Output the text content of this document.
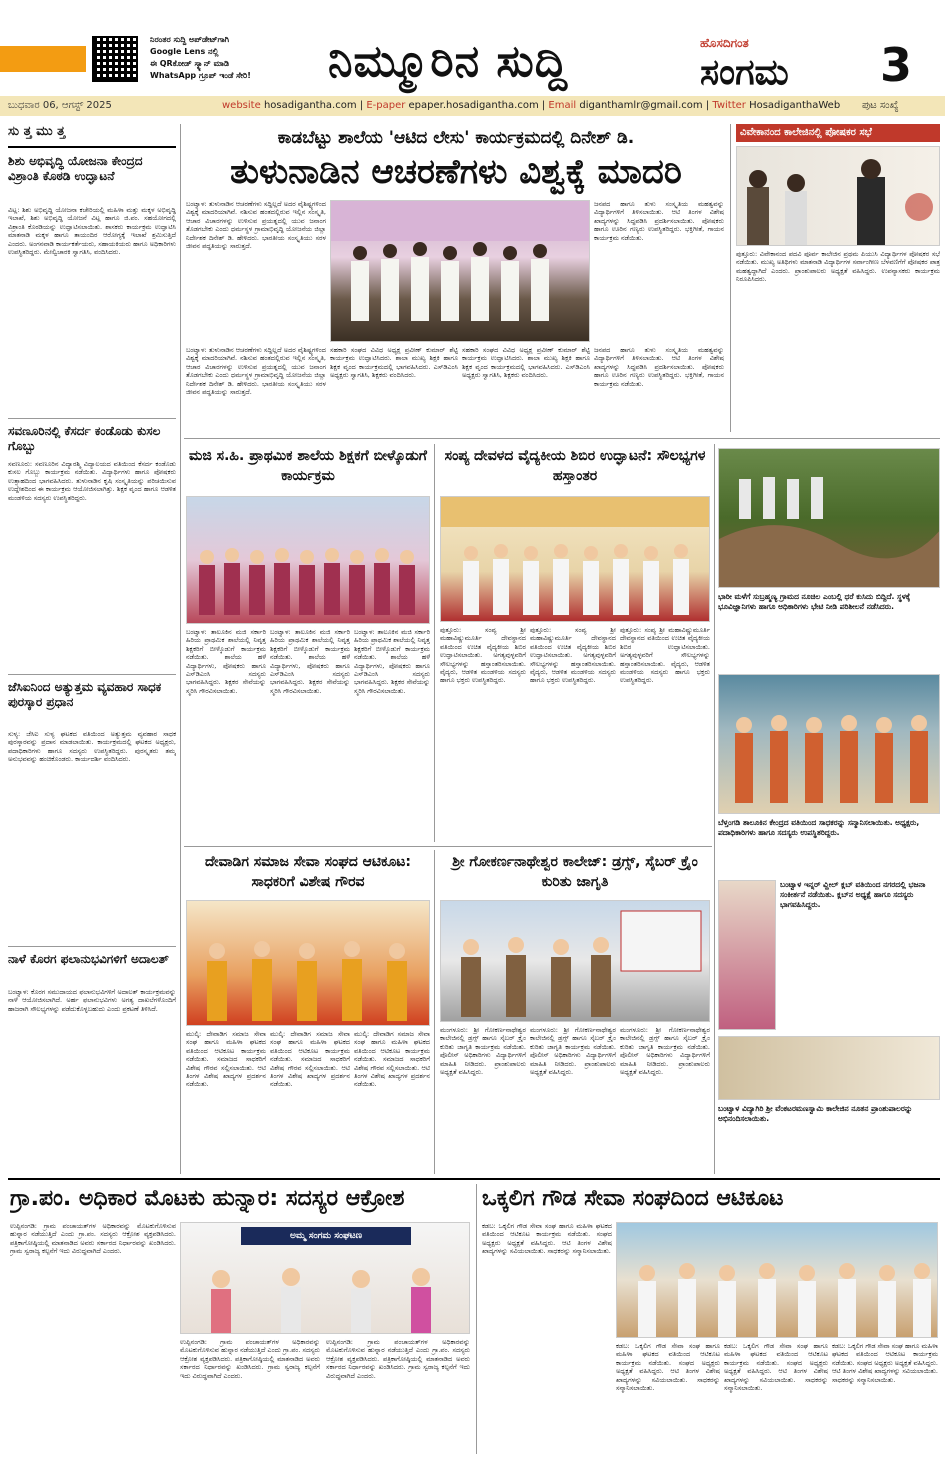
ನಿರಂತರ ಸುದ್ದಿ ಅಪ್‌ಡೇಟ್‌ಗಾಗಿ
Google Lens ನಲ್ಲಿ
ಈ QRಕೋಡ್ ಸ್ಕ್ಯಾನ್ ಮಾಡಿ
WhatsApp ಗ್ರೂಪ್ ಇಂಡೆ ಸೇರಿ!	ನಿಮ್ಮೂರಿನ ಸುದ್ದಿ	ಹೊಸದಿಗಂತ
ಸಂಗಮ 3
ಬುಧವಾರ 06, ಆಗಸ್ಟ್ 2025	website hosadigantha.com | E-paper epaper.hosadigantha.com | Email diganthamlr@gmail.com | Twitter HosadiganthaWeb ಪುಟ ಸಂಖ್ಯೆ
ಸು ತ್ತ ಮು ತ್ತ
ಶಿಶು ಅಭಿವೃದ್ಧಿ ಯೋಜನಾ ಕೇಂದ್ರದ ವಿಶ್ರಾಂತಿ ಕೊಠಡಿ ಉದ್ಘಾಟನೆ
ವಿಟ್ಲ: ಶಿಶು ಅಭಿವೃದ್ಧಿ ಯೋಜನಾ ಕಚೇರಿಯಲ್ಲಿ ಮಹಿಳಾ ಮತ್ತು ಮಕ್ಕಳ ಅಭಿವೃದ್ಧಿ ಇಲಾಖೆ, ಶಿಶು ಅಭಿವೃದ್ಧಿ ಯೋಜನೆ ವಿಟ್ಲ ಹಾಗೂ ಜಿ.ಪಂ. ಸಹಯೋಗದಲ್ಲಿ ವಿಶ್ರಾಂತಿ ಕೊಠಡಿಯನ್ನು ಉದ್ಘಾಟಿಸಲಾಯಿತು. ಶಾಸಕರು ಕಾರ್ಯಕ್ರಮ ಉದ್ಘಾಟಿಸಿ ಮಾತನಾಡಿ ಮಕ್ಕಳ ಹಾಗೂ ತಾಯಂದಿರ ಆರೋಗ್ಯಕ್ಕೆ ಇಲಾಖೆ ಶ್ರಮಿಸುತ್ತಿದೆ ಎಂದರು. ಅಂಗನವಾಡಿ ಕಾರ್ಯಕರ್ತೆಯರು, ಸಹಾಯಕಿಯರು ಹಾಗೂ ಅಧಿಕಾರಿಗಳು ಉಪಸ್ಥಿತರಿದ್ದರು. ಮೇಲ್ವಿಚಾರಕಿ ಸ್ವಾಗತಿಸಿ, ವಂದಿಸಿದರು.
ಸವಣೂರಿನಲ್ಲಿ ಕೆಸರ್ದ ಕಂಡೊಡು ಕುಸಲ ಗೊಬ್ಬು
ಸವಣೂರು: ಸವಣೂರಿನ ವಿದ್ಯಾರಶ್ಮಿ ವಿದ್ಯಾಲಯದ ವತಿಯಿಂದ ಕೆಸರ್ದ ಕಂಡೊಡು ಕುಸಲ ಗೊಬ್ಬು ಕಾರ್ಯಕ್ರಮ ನಡೆಯಿತು. ವಿದ್ಯಾರ್ಥಿಗಳು ಹಾಗೂ ಪೋಷಕರು ಉತ್ಸಾಹದಿಂದ ಭಾಗವಹಿಸಿದರು. ತುಳುನಾಡಿನ ಕೃಷಿ ಸಂಸ್ಕೃತಿಯನ್ನು ಪರಿಚಯಿಸುವ ಉದ್ದೇಶದಿಂದ ಈ ಕಾರ್ಯಕ್ರಮ ಆಯೋಜಿಸಲಾಗಿತ್ತು. ಶಿಕ್ಷಕ ವೃಂದ ಹಾಗೂ ಆಡಳಿತ ಮಂಡಳಿಯ ಸದಸ್ಯರು ಉಪಸ್ಥಿತರಿದ್ದರು.
ಜೆಸಿಐನಿಂದ ಅತ್ಯುತ್ತಮ ವ್ಯವಹಾರ ಸಾಧಕ ಪುರಸ್ಕಾರ ಪ್ರಧಾನ
ಸುಳ್ಯ: ಜೆಸಿಐ ಸುಳ್ಯ ಘಟಕದ ವತಿಯಿಂದ ಅತ್ಯುತ್ತಮ ವ್ಯವಹಾರ ಸಾಧಕ ಪುರಸ್ಕಾರವನ್ನು ಪ್ರದಾನ ಮಾಡಲಾಯಿತು. ಕಾರ್ಯಕ್ರಮದಲ್ಲಿ ಘಟಕದ ಅಧ್ಯಕ್ಷರು, ಪದಾಧಿಕಾರಿಗಳು ಹಾಗೂ ಸದಸ್ಯರು ಉಪಸ್ಥಿತರಿದ್ದರು. ಪುರಸ್ಕೃತರು ತಮ್ಮ ಅನುಭವವನ್ನು ಹಂಚಿಕೊಂಡರು. ಕಾರ್ಯದರ್ಶಿ ವಂದಿಸಿದರು.
ನಾಳೆ ಕೊರಗ ಫಲಾನುಭವಿಗಳಿಗೆ ಅದಾಲತ್
ಬಂಟ್ವಾಳ: ಕೊರಗ ಸಮುದಾಯದ ಫಲಾನುಭವಿಗಳಿಗೆ ಅದಾಲತ್ ಕಾರ್ಯಕ್ರಮವನ್ನು ನಾಳೆ ಆಯೋಜಿಸಲಾಗಿದೆ. ಅರ್ಹ ಫಲಾನುಭವಿಗಳು ಅಗತ್ಯ ದಾಖಲೆಗಳೊಂದಿಗೆ ಹಾಜರಾಗಿ ಸೌಲಭ್ಯಗಳನ್ನು ಪಡೆದುಕೊಳ್ಳಬಹುದು ಎಂದು ಪ್ರಕಟಣೆ ತಿಳಿಸಿದೆ.
ಕಾಡಬೆಟ್ಟು ಶಾಲೆಯ 'ಆಟಿದ ಲೇಸು' ಕಾರ್ಯಕ್ರಮದಲ್ಲಿ ದಿನೇಶ್ ಡಿ.
ತುಳುನಾಡಿನ ಆಚರಣೆಗಳು ವಿಶ್ವಕ್ಕೆ ಮಾದರಿ
ಬಂಟ್ವಾಳ: ತುಳುನಾಡಿನ ಆಚರಣೆಗಳು ಸದ್ದಿಲ್ಲದೆ ಅದರ ವೈಶಿಷ್ಟ್ಯಗಳಿಂದ ವಿಶ್ವಕ್ಕೆ ಮಾದರಿಯಾಗಿವೆ. ನಶಿಸುವ ಹಂತದಲ್ಲಿರುವ ಇಲ್ಲಿನ ಸಂಸ್ಕೃತಿ, ಆಚಾರ ವಿಚಾರಗಳನ್ನು ಉಳಿಸುವ ಪ್ರಯತ್ನದಲ್ಲಿ ಯುವ ಜನಾಂಗ ತೊಡಗಬೇಕು ಎಂದು ಧರ್ಮಸ್ಥಳ ಗ್ರಾಮಾಭಿವೃದ್ಧಿ ಯೋಜನೆಯ ಜಿಲ್ಲಾ ನಿರ್ದೇಶಕ ದಿನೇಶ್ ಡಿ. ಹೇಳಿದರು. ಭಾರತೀಯ ಸಂಸ್ಕೃತಿಯು ಸರಳ ಜೀವನ ಪದ್ಧತಿಯನ್ನು ಸಾರುತ್ತದೆ.
ಜನಪದ ಹಾಗೂ ತುಳು ಸಂಸ್ಕೃತಿಯ ಮಹತ್ವವನ್ನು ವಿದ್ಯಾರ್ಥಿಗಳಿಗೆ ತಿಳಿಸಲಾಯಿತು. ಆಟಿ ತಿಂಗಳ ವಿಶೇಷ ಖಾದ್ಯಗಳನ್ನು ಸಿದ್ಧಪಡಿಸಿ ಪ್ರದರ್ಶಿಸಲಾಯಿತು. ಪೋಷಕರು ಹಾಗೂ ಊರಿನ ಗಣ್ಯರು ಉಪಸ್ಥಿತರಿದ್ದರು. ಭಕ್ತಿಗೀತೆ, ಗಾಯನ ಕಾರ್ಯಕ್ರಮ ನಡೆಯಿತು.
ಬಂಟ್ವಾಳ: ತುಳುನಾಡಿನ ಆಚರಣೆಗಳು ಸದ್ದಿಲ್ಲದೆ ಅದರ ವೈಶಿಷ್ಟ್ಯಗಳಿಂದ ವಿಶ್ವಕ್ಕೆ ಮಾದರಿಯಾಗಿವೆ. ನಶಿಸುವ ಹಂತದಲ್ಲಿರುವ ಇಲ್ಲಿನ ಸಂಸ್ಕೃತಿ, ಆಚಾರ ವಿಚಾರಗಳನ್ನು ಉಳಿಸುವ ಪ್ರಯತ್ನದಲ್ಲಿ ಯುವ ಜನಾಂಗ ತೊಡಗಬೇಕು ಎಂದು ಧರ್ಮಸ್ಥಳ ಗ್ರಾಮಾಭಿವೃದ್ಧಿ ಯೋಜನೆಯ ಜಿಲ್ಲಾ ನಿರ್ದೇಶಕ ದಿನೇಶ್ ಡಿ. ಹೇಳಿದರು. ಭಾರತೀಯ ಸಂಸ್ಕೃತಿಯು ಸರಳ ಜೀವನ ಪದ್ಧತಿಯನ್ನು ಸಾರುತ್ತದೆ.
ಸಹಕಾರಿ ಸಂಘದ ವಿವಿಧ ಅಧ್ಯಕ್ಷ ಪ್ರವೀಣ್ ಕುಮಾರ್ ಶೆಟ್ಟಿ ಕಾರ್ಯಕ್ರಮ ಉದ್ಘಾಟಿಸಿದರು. ಶಾಲಾ ಮುಖ್ಯ ಶಿಕ್ಷಕಿ ಹಾಗೂ ಶಿಕ್ಷಕ ವೃಂದ ಕಾರ್ಯಕ್ರಮದಲ್ಲಿ ಭಾಗವಹಿಸಿದರು. ಎಸ್‌ಡಿಎಂಸಿ ಅಧ್ಯಕ್ಷರು ಸ್ವಾಗತಿಸಿ, ಶಿಕ್ಷಕರು ವಂದಿಸಿದರು.
ಸಹಕಾರಿ ಸಂಘದ ವಿವಿಧ ಅಧ್ಯಕ್ಷ ಪ್ರವೀಣ್ ಕುಮಾರ್ ಶೆಟ್ಟಿ ಕಾರ್ಯಕ್ರಮ ಉದ್ಘಾಟಿಸಿದರು. ಶಾಲಾ ಮುಖ್ಯ ಶಿಕ್ಷಕಿ ಹಾಗೂ ಶಿಕ್ಷಕ ವೃಂದ ಕಾರ್ಯಕ್ರಮದಲ್ಲಿ ಭಾಗವಹಿಸಿದರು. ಎಸ್‌ಡಿಎಂಸಿ ಅಧ್ಯಕ್ಷರು ಸ್ವಾಗತಿಸಿ, ಶಿಕ್ಷಕರು ವಂದಿಸಿದರು.
ಜನಪದ ಹಾಗೂ ತುಳು ಸಂಸ್ಕೃತಿಯ ಮಹತ್ವವನ್ನು ವಿದ್ಯಾರ್ಥಿಗಳಿಗೆ ತಿಳಿಸಲಾಯಿತು. ಆಟಿ ತಿಂಗಳ ವಿಶೇಷ ಖಾದ್ಯಗಳನ್ನು ಸಿದ್ಧಪಡಿಸಿ ಪ್ರದರ್ಶಿಸಲಾಯಿತು. ಪೋಷಕರು ಹಾಗೂ ಊರಿನ ಗಣ್ಯರು ಉಪಸ್ಥಿತರಿದ್ದರು. ಭಕ್ತಿಗೀತೆ, ಗಾಯನ ಕಾರ್ಯಕ್ರಮ ನಡೆಯಿತು.
ವಿವೇಕಾನಂದ ಕಾಲೇಜಿನಲ್ಲಿ ಪೋಷಕರ ಸಭೆ
ಪುತ್ತೂರು: ವಿವೇಕಾನಂದ ಪದವಿ ಪೂರ್ವ ಕಾಲೇಜಿನ ಪ್ರಥಮ ಪಿಯುಸಿ ವಿದ್ಯಾರ್ಥಿಗಳ ಪೋಷಕರ ಸಭೆ ನಡೆಯಿತು. ಮುಖ್ಯ ಅತಿಥಿಗಳು ಮಾತನಾಡಿ ವಿದ್ಯಾರ್ಥಿಗಳ ಸರ್ವಾಂಗೀಣ ಬೆಳವಣಿಗೆಗೆ ಪೋಷಕರ ಪಾತ್ರ ಮಹತ್ವದ್ದಾಗಿದೆ ಎಂದರು. ಪ್ರಾಂಶುಪಾಲರು ಅಧ್ಯಕ್ಷತೆ ವಹಿಸಿದ್ದರು. ಉಪನ್ಯಾಸಕರು ಕಾರ್ಯಕ್ರಮ ನಿರೂಪಿಸಿದರು.
ಮಜಿ ಸ.ಹಿ. ಪ್ರಾಥಮಿಕ ಶಾಲೆಯ ಶಿಕ್ಷಕಗೆ ಬೀಳ್ಕೊಡುಗೆ ಕಾರ್ಯಕ್ರಮ
ಬಂಟ್ವಾಳ: ತಾಲೂಕಿನ ಮಜಿ ಸರ್ಕಾರಿ ಹಿರಿಯ ಪ್ರಾಥಮಿಕ ಶಾಲೆಯಲ್ಲಿ ನಿವೃತ್ತ ಶಿಕ್ಷಕರಿಗೆ ಬೀಳ್ಕೊಡುಗೆ ಕಾರ್ಯಕ್ರಮ ನಡೆಯಿತು. ಶಾಲೆಯ ಹಳೆ ವಿದ್ಯಾರ್ಥಿಗಳು, ಪೋಷಕರು ಹಾಗೂ ಎಸ್‌ಡಿಎಂಸಿ ಸದಸ್ಯರು ಭಾಗವಹಿಸಿದ್ದರು. ಶಿಕ್ಷಕರ ಸೇವೆಯನ್ನು ಸ್ಮರಿಸಿ ಗೌರವಿಸಲಾಯಿತು.
ಬಂಟ್ವಾಳ: ತಾಲೂಕಿನ ಮಜಿ ಸರ್ಕಾರಿ ಹಿರಿಯ ಪ್ರಾಥಮಿಕ ಶಾಲೆಯಲ್ಲಿ ನಿವೃತ್ತ ಶಿಕ್ಷಕರಿಗೆ ಬೀಳ್ಕೊಡುಗೆ ಕಾರ್ಯಕ್ರಮ ನಡೆಯಿತು. ಶಾಲೆಯ ಹಳೆ ವಿದ್ಯಾರ್ಥಿಗಳು, ಪೋಷಕರು ಹಾಗೂ ಎಸ್‌ಡಿಎಂಸಿ ಸದಸ್ಯರು ಭಾಗವಹಿಸಿದ್ದರು. ಶಿಕ್ಷಕರ ಸೇವೆಯನ್ನು ಸ್ಮರಿಸಿ ಗೌರವಿಸಲಾಯಿತು.
ಬಂಟ್ವಾಳ: ತಾಲೂಕಿನ ಮಜಿ ಸರ್ಕಾರಿ ಹಿರಿಯ ಪ್ರಾಥಮಿಕ ಶಾಲೆಯಲ್ಲಿ ನಿವೃತ್ತ ಶಿಕ್ಷಕರಿಗೆ ಬೀಳ್ಕೊಡುಗೆ ಕಾರ್ಯಕ್ರಮ ನಡೆಯಿತು. ಶಾಲೆಯ ಹಳೆ ವಿದ್ಯಾರ್ಥಿಗಳು, ಪೋಷಕರು ಹಾಗೂ ಎಸ್‌ಡಿಎಂಸಿ ಸದಸ್ಯರು ಭಾಗವಹಿಸಿದ್ದರು. ಶಿಕ್ಷಕರ ಸೇವೆಯನ್ನು ಸ್ಮರಿಸಿ ಗೌರವಿಸಲಾಯಿತು.
ಸಂಪ್ಯ ದೇವಳದ ವೈದ್ಯಕೀಯ ಶಿಬಿರ ಉದ್ಘಾಟನೆ: ಸೌಲಭ್ಯಗಳ ಹಸ್ತಾಂತರ
ಪುತ್ತೂರು: ಸಂಪ್ಯ ಶ್ರೀ ಮಹಾವಿಷ್ಣುಮೂರ್ತಿ ದೇವಸ್ಥಾನದ ವತಿಯಿಂದ ಉಚಿತ ವೈದ್ಯಕೀಯ ಶಿಬಿರ ಉದ್ಘಾಟಿಸಲಾಯಿತು. ಅಗತ್ಯವುಳ್ಳವರಿಗೆ ಸೌಲಭ್ಯಗಳನ್ನು ಹಸ್ತಾಂತರಿಸಲಾಯಿತು. ವೈದ್ಯರು, ಆಡಳಿತ ಮಂಡಳಿಯ ಸದಸ್ಯರು ಹಾಗೂ ಭಕ್ತರು ಉಪಸ್ಥಿತರಿದ್ದರು.
ಪುತ್ತೂರು: ಸಂಪ್ಯ ಶ್ರೀ ಮಹಾವಿಷ್ಣುಮೂರ್ತಿ ದೇವಸ್ಥಾನದ ವತಿಯಿಂದ ಉಚಿತ ವೈದ್ಯಕೀಯ ಶಿಬಿರ ಉದ್ಘಾಟಿಸಲಾಯಿತು. ಅಗತ್ಯವುಳ್ಳವರಿಗೆ ಸೌಲಭ್ಯಗಳನ್ನು ಹಸ್ತಾಂತರಿಸಲಾಯಿತು. ವೈದ್ಯರು, ಆಡಳಿತ ಮಂಡಳಿಯ ಸದಸ್ಯರು ಹಾಗೂ ಭಕ್ತರು ಉಪಸ್ಥಿತರಿದ್ದರು.
ಪುತ್ತೂರು: ಸಂಪ್ಯ ಶ್ರೀ ಮಹಾವಿಷ್ಣುಮೂರ್ತಿ ದೇವಸ್ಥಾನದ ವತಿಯಿಂದ ಉಚಿತ ವೈದ್ಯಕೀಯ ಶಿಬಿರ ಉದ್ಘಾಟಿಸಲಾಯಿತು. ಅಗತ್ಯವುಳ್ಳವರಿಗೆ ಸೌಲಭ್ಯಗಳನ್ನು ಹಸ್ತಾಂತರಿಸಲಾಯಿತು. ವೈದ್ಯರು, ಆಡಳಿತ ಮಂಡಳಿಯ ಸದಸ್ಯರು ಹಾಗೂ ಭಕ್ತರು ಉಪಸ್ಥಿತರಿದ್ದರು.
ಭಾರೀ ಮಳೆಗೆ ಸುಬ್ರಹ್ಮಣ್ಯ ಗ್ರಾಮದ ನೂಚಿಲ ಎಂಬಲ್ಲಿ ಧರೆ ಕುಸಿದು ಬಿದ್ದಿದೆ. ಸ್ಥಳಕ್ಕೆ ಭೂವಿಜ್ಞಾನಿಗಳು ಹಾಗೂ ಅಧಿಕಾರಿಗಳು ಭೇಟಿ ನೀಡಿ ಪರಿಶೀಲನೆ ನಡೆಸಿದರು.
ಬೆಳ್ತಂಗಡಿ ತಾಲೂಕಿನ ಕೇಂದ್ರದ ವತಿಯಿಂದ ಸಾಧಕರನ್ನು ಸನ್ಮಾನಿಸಲಾಯಿತು. ಅಧ್ಯಕ್ಷರು, ಪದಾಧಿಕಾರಿಗಳು ಹಾಗೂ ಸದಸ್ಯರು ಉಪಸ್ಥಿತರಿದ್ದರು.
ದೇವಾಡಿಗ ಸಮಾಜ ಸೇವಾ ಸಂಘದ ಆಟಿಕೂಟ: ಸಾಧಕರಿಗೆ ವಿಶೇಷ ಗೌರವ
ಮುಲ್ಕಿ: ದೇವಾಡಿಗ ಸಮಾಜ ಸೇವಾ ಸಂಘ ಹಾಗೂ ಮಹಿಳಾ ಘಟಕದ ವತಿಯಿಂದ ಆಟಿಕೂಟ ಕಾರ್ಯಕ್ರಮ ನಡೆಯಿತು. ಸಮಾಜದ ಸಾಧಕರಿಗೆ ವಿಶೇಷ ಗೌರವ ಸಲ್ಲಿಸಲಾಯಿತು. ಆಟಿ ತಿಂಗಳ ವಿಶೇಷ ಖಾದ್ಯಗಳ ಪ್ರದರ್ಶನ ನಡೆಯಿತು.
ಮುಲ್ಕಿ: ದೇವಾಡಿಗ ಸಮಾಜ ಸೇವಾ ಸಂಘ ಹಾಗೂ ಮಹಿಳಾ ಘಟಕದ ವತಿಯಿಂದ ಆಟಿಕೂಟ ಕಾರ್ಯಕ್ರಮ ನಡೆಯಿತು. ಸಮಾಜದ ಸಾಧಕರಿಗೆ ವಿಶೇಷ ಗೌರವ ಸಲ್ಲಿಸಲಾಯಿತು. ಆಟಿ ತಿಂಗಳ ವಿಶೇಷ ಖಾದ್ಯಗಳ ಪ್ರದರ್ಶನ ನಡೆಯಿತು.
ಮುಲ್ಕಿ: ದೇವಾಡಿಗ ಸಮಾಜ ಸೇವಾ ಸಂಘ ಹಾಗೂ ಮಹಿಳಾ ಘಟಕದ ವತಿಯಿಂದ ಆಟಿಕೂಟ ಕಾರ್ಯಕ್ರಮ ನಡೆಯಿತು. ಸಮಾಜದ ಸಾಧಕರಿಗೆ ವಿಶೇಷ ಗೌರವ ಸಲ್ಲಿಸಲಾಯಿತು. ಆಟಿ ತಿಂಗಳ ವಿಶೇಷ ಖಾದ್ಯಗಳ ಪ್ರದರ್ಶನ ನಡೆಯಿತು.
ಶ್ರೀ ಗೋಕರ್ಣನಾಥೇಶ್ವರ ಕಾಲೇಜ್: ಡ್ರಗ್ಸ್, ಸೈಬರ್ ಕ್ರೈಂ ಕುರಿತು ಜಾಗೃತಿ
ಮಂಗಳೂರು: ಶ್ರೀ ಗೋಕರ್ಣನಾಥೇಶ್ವರ ಕಾಲೇಜಿನಲ್ಲಿ ಡ್ರಗ್ಸ್ ಹಾಗೂ ಸೈಬರ್ ಕ್ರೈಂ ಕುರಿತು ಜಾಗೃತಿ ಕಾರ್ಯಕ್ರಮ ನಡೆಯಿತು. ಪೊಲೀಸ್ ಅಧಿಕಾರಿಗಳು ವಿದ್ಯಾರ್ಥಿಗಳಿಗೆ ಮಾಹಿತಿ ನೀಡಿದರು. ಪ್ರಾಂಶುಪಾಲರು ಅಧ್ಯಕ್ಷತೆ ವಹಿಸಿದ್ದರು.
ಮಂಗಳೂರು: ಶ್ರೀ ಗೋಕರ್ಣನಾಥೇಶ್ವರ ಕಾಲೇಜಿನಲ್ಲಿ ಡ್ರಗ್ಸ್ ಹಾಗೂ ಸೈಬರ್ ಕ್ರೈಂ ಕುರಿತು ಜಾಗೃತಿ ಕಾರ್ಯಕ್ರಮ ನಡೆಯಿತು. ಪೊಲೀಸ್ ಅಧಿಕಾರಿಗಳು ವಿದ್ಯಾರ್ಥಿಗಳಿಗೆ ಮಾಹಿತಿ ನೀಡಿದರು. ಪ್ರಾಂಶುಪಾಲರು ಅಧ್ಯಕ್ಷತೆ ವಹಿಸಿದ್ದರು.
ಮಂಗಳೂರು: ಶ್ರೀ ಗೋಕರ್ಣನಾಥೇಶ್ವರ ಕಾಲೇಜಿನಲ್ಲಿ ಡ್ರಗ್ಸ್ ಹಾಗೂ ಸೈಬರ್ ಕ್ರೈಂ ಕುರಿತು ಜಾಗೃತಿ ಕಾರ್ಯಕ್ರಮ ನಡೆಯಿತು. ಪೊಲೀಸ್ ಅಧಿಕಾರಿಗಳು ವಿದ್ಯಾರ್ಥಿಗಳಿಗೆ ಮಾಹಿತಿ ನೀಡಿದರು. ಪ್ರಾಂಶುಪಾಲರು ಅಧ್ಯಕ್ಷತೆ ವಹಿಸಿದ್ದರು.
ಬಂಟ್ವಾಳ ಇನ್ನರ್ ವ್ಹೀಲ್ ಕ್ಲಬ್ ವತಿಯಿಂದ ನಗರದಲ್ಲಿ ಭಜನಾ ಸಂಕೀರ್ತನೆ ನಡೆಯಿತು. ಕ್ಲಬ್‌ನ ಅಧ್ಯಕ್ಷೆ ಹಾಗೂ ಸದಸ್ಯರು ಭಾಗವಹಿಸಿದ್ದರು.
ಬಂಟ್ವಾಳ ವಿದ್ಯಾಗಿರಿ ಶ್ರೀ ವೆಂಕಟರಮಣಸ್ವಾಮಿ ಕಾಲೇಜಿನ ನೂತನ ಪ್ರಾಂಶುಪಾಲರನ್ನು ಅಭಿನಂದಿಸಲಾಯಿತು.
ಗ್ರಾ.ಪಂ. ಅಧಿಕಾರ ಮೊಟಕು ಹುನ್ನಾರ: ಸದಸ್ಯರ ಆಕ್ರೋಶ
ಅಮ್ಮ ಸಂಗಮ ಸಂಘಟಣ
ಉಪ್ಪಿನಂಗಡಿ: ಗ್ರಾಮ ಪಂಚಾಯತ್‌ಗಳ ಅಧಿಕಾರವನ್ನು ಮೊಟಕುಗೊಳಿಸುವ ಹುನ್ನಾರ ನಡೆಯುತ್ತಿದೆ ಎಂದು ಗ್ರಾ.ಪಂ. ಸದಸ್ಯರು ಆಕ್ರೋಶ ವ್ಯಕ್ತಪಡಿಸಿದರು. ಪತ್ರಿಕಾಗೋಷ್ಠಿಯಲ್ಲಿ ಮಾತನಾಡಿದ ಅವರು ಸರ್ಕಾರದ ನಿರ್ಧಾರವನ್ನು ಖಂಡಿಸಿದರು. ಗ್ರಾಮ ಸ್ವರಾಜ್ಯ ಕಲ್ಪನೆಗೆ ಇದು ವಿರುದ್ಧವಾಗಿದೆ ಎಂದರು.
ಉಪ್ಪಿನಂಗಡಿ: ಗ್ರಾಮ ಪಂಚಾಯತ್‌ಗಳ ಅಧಿಕಾರವನ್ನು ಮೊಟಕುಗೊಳಿಸುವ ಹುನ್ನಾರ ನಡೆಯುತ್ತಿದೆ ಎಂದು ಗ್ರಾ.ಪಂ. ಸದಸ್ಯರು ಆಕ್ರೋಶ ವ್ಯಕ್ತಪಡಿಸಿದರು. ಪತ್ರಿಕಾಗೋಷ್ಠಿಯಲ್ಲಿ ಮಾತನಾಡಿದ ಅವರು ಸರ್ಕಾರದ ನಿರ್ಧಾರವನ್ನು ಖಂಡಿಸಿದರು. ಗ್ರಾಮ ಸ್ವರಾಜ್ಯ ಕಲ್ಪನೆಗೆ ಇದು ವಿರುದ್ಧವಾಗಿದೆ ಎಂದರು.
ಉಪ್ಪಿನಂಗಡಿ: ಗ್ರಾಮ ಪಂಚಾಯತ್‌ಗಳ ಅಧಿಕಾರವನ್ನು ಮೊಟಕುಗೊಳಿಸುವ ಹುನ್ನಾರ ನಡೆಯುತ್ತಿದೆ ಎಂದು ಗ್ರಾ.ಪಂ. ಸದಸ್ಯರು ಆಕ್ರೋಶ ವ್ಯಕ್ತಪಡಿಸಿದರು. ಪತ್ರಿಕಾಗೋಷ್ಠಿಯಲ್ಲಿ ಮಾತನಾಡಿದ ಅವರು ಸರ್ಕಾರದ ನಿರ್ಧಾರವನ್ನು ಖಂಡಿಸಿದರು. ಗ್ರಾಮ ಸ್ವರಾಜ್ಯ ಕಲ್ಪನೆಗೆ ಇದು ವಿರುದ್ಧವಾಗಿದೆ ಎಂದರು.
ಒಕ್ಕಲಿಗ ಗೌಡ ಸೇವಾ ಸಂಘದಿಂದ ಆಟಿಕೂಟ
ಕಡಬ: ಒಕ್ಕಲಿಗ ಗೌಡ ಸೇವಾ ಸಂಘ ಹಾಗೂ ಮಹಿಳಾ ಘಟಕದ ವತಿಯಿಂದ ಆಟಿಕೂಟ ಕಾರ್ಯಕ್ರಮ ನಡೆಯಿತು. ಸಂಘದ ಅಧ್ಯಕ್ಷರು ಅಧ್ಯಕ್ಷತೆ ವಹಿಸಿದ್ದರು. ಆಟಿ ತಿಂಗಳ ವಿಶೇಷ ಖಾದ್ಯಗಳನ್ನು ಸವಿಯಲಾಯಿತು. ಸಾಧಕರನ್ನು ಸನ್ಮಾನಿಸಲಾಯಿತು.
ಕಡಬ: ಒಕ್ಕಲಿಗ ಗೌಡ ಸೇವಾ ಸಂಘ ಹಾಗೂ ಮಹಿಳಾ ಘಟಕದ ವತಿಯಿಂದ ಆಟಿಕೂಟ ಕಾರ್ಯಕ್ರಮ ನಡೆಯಿತು. ಸಂಘದ ಅಧ್ಯಕ್ಷರು ಅಧ್ಯಕ್ಷತೆ ವಹಿಸಿದ್ದರು. ಆಟಿ ತಿಂಗಳ ವಿಶೇಷ ಖಾದ್ಯಗಳನ್ನು ಸವಿಯಲಾಯಿತು. ಸಾಧಕರನ್ನು ಸನ್ಮಾನಿಸಲಾಯಿತು.
ಕಡಬ: ಒಕ್ಕಲಿಗ ಗೌಡ ಸೇವಾ ಸಂಘ ಹಾಗೂ ಮಹಿಳಾ ಘಟಕದ ವತಿಯಿಂದ ಆಟಿಕೂಟ ಕಾರ್ಯಕ್ರಮ ನಡೆಯಿತು. ಸಂಘದ ಅಧ್ಯಕ್ಷರು ಅಧ್ಯಕ್ಷತೆ ವಹಿಸಿದ್ದರು. ಆಟಿ ತಿಂಗಳ ವಿಶೇಷ ಖಾದ್ಯಗಳನ್ನು ಸವಿಯಲಾಯಿತು. ಸಾಧಕರನ್ನು ಸನ್ಮಾನಿಸಲಾಯಿತು.
ಕಡಬ: ಒಕ್ಕಲಿಗ ಗೌಡ ಸೇವಾ ಸಂಘ ಹಾಗೂ ಮಹಿಳಾ ಘಟಕದ ವತಿಯಿಂದ ಆಟಿಕೂಟ ಕಾರ್ಯಕ್ರಮ ನಡೆಯಿತು. ಸಂಘದ ಅಧ್ಯಕ್ಷರು ಅಧ್ಯಕ್ಷತೆ ವಹಿಸಿದ್ದರು. ಆಟಿ ತಿಂಗಳ ವಿಶೇಷ ಖಾದ್ಯಗಳನ್ನು ಸವಿಯಲಾಯಿತು. ಸಾಧಕರನ್ನು ಸನ್ಮಾನಿಸಲಾಯಿತು.
